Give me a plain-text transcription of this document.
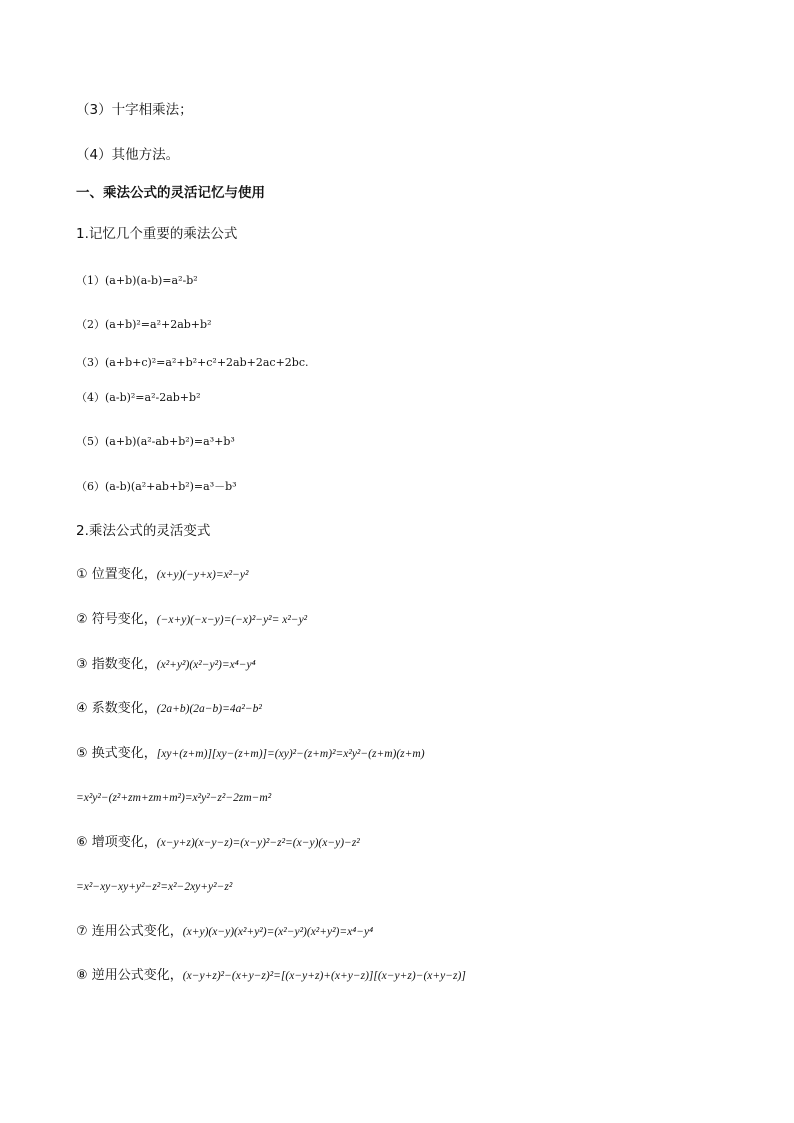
（3）十字相乘法；
（4）其他方法。
一、乘法公式的灵活记忆与使用
1.记忆几个重要的乘法公式
（1）(a+b)(a-b)=a²-b²
（2）(a+b)²=a²+2ab+b²
（3）(a+b+c)²=a²+b²+c²+2ab+2ac+2bc.
（4）(a-b)²=a²-2ab+b²
（5）(a+b)(a²-ab+b²)=a³+b³
（6）(a-b)(a²+ab+b²)=a³－b³
2.乘法公式的灵活变式
① 位置变化，(x+y)(−y+x)=x²−y²
② 符号变化，(−x+y)(−x−y)=(−x)²−y²= x²−y²
③ 指数变化，(x²+y²)(x²−y²)=x⁴−y⁴
④ 系数变化，(2a+b)(2a−b)=4a²−b²
⑤ 换式变化，[xy+(z+m)][xy−(z+m)]=(xy)²−(z+m)²=x²y²−(z+m)(z+m)
=x²y²−(z²+zm+zm+m²)=x²y²−z²−2zm−m²
⑥ 增项变化，(x−y+z)(x−y−z)=(x−y)²−z²=(x−y)(x−y)−z²
=x²−xy−xy+y²−z²=x²−2xy+y²−z²
⑦ 连用公式变化，(x+y)(x−y)(x²+y²)=(x²−y²)(x²+y²)=x⁴−y⁴
⑧ 逆用公式变化，(x−y+z)²−(x+y−z)²=[(x−y+z)+(x+y−z)][(x−y+z)−(x+y−z)]
